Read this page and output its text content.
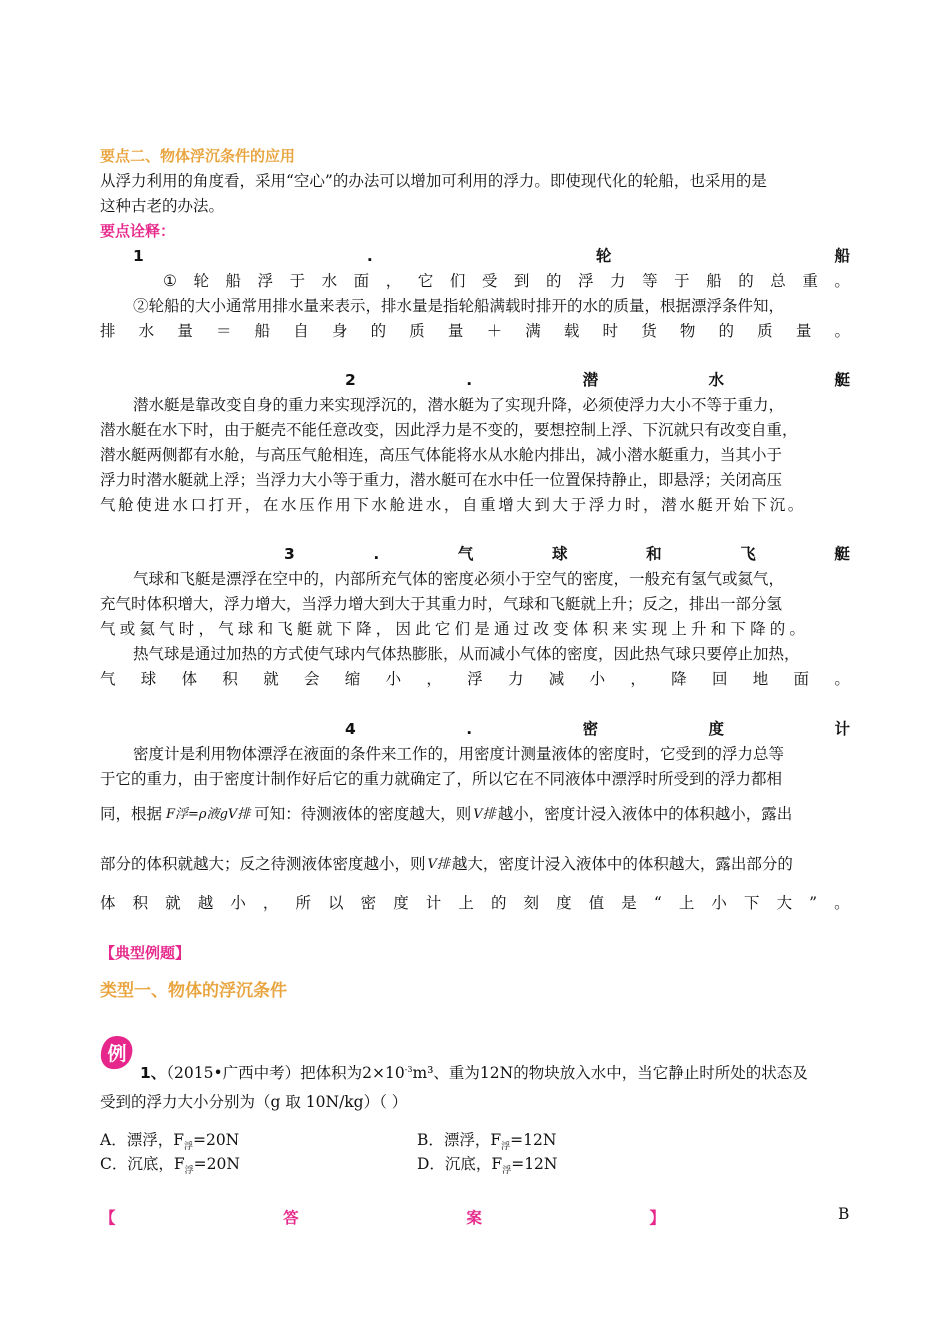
要点二、物体浮沉条件的应用
从浮力利用的角度看，采用“空心”的办法可以增加可利用的浮力。即使现代化的轮船，也采用的是
这种古老的办法。
要点诠释：
1	.	轮	船
① 轮 船 浮 于 水 面 ， 它 们 受 到 的 浮 力 等 于 船 的 总 重 。
②轮船的大小通常用排水量来表示，排水量是指轮船满载时排开的水的质量，根据漂浮条件知，
排 水 量 ＝ 船 自 身 的 质 量 ＋ 满 载 时 货 物 的 质 量 。
2	.	潜	水	艇
潜水艇是靠改变自身的重力来实现浮沉的，潜水艇为了实现升降，必须使浮力大小不等于重力，
潜水艇在水下时，由于艇壳不能任意改变，因此浮力是不变的，要想控制上浮、下沉就只有改变自重，
潜水艇两侧都有水舱，与高压气舱相连，高压气体能将水从水舱内排出，减小潜水艇重力，当其小于
浮力时潜水艇就上浮；当浮力大小等于重力，潜水艇可在水中任一位置保持静止，即悬浮；关闭高压
气舱使进水口打开，在水压作用下水舱进水，自重增大到大于浮力时，潜水艇开始下沉。
3	.	气	球	和	飞	艇
气球和飞艇是漂浮在空中的，内部所充气体的密度必须小于空气的密度，一般充有氢气或氦气，
充气时体积增大，浮力增大，当浮力增大到大于其重力时，气球和飞艇就上升；反之，排出一部分氢
气或氦气时，气球和飞艇就下降，因此它们是通过改变体积来实现上升和下降的。
热气球是通过加热的方式使气球内气体热膨胀，从而减小气体的密度，因此热气球只要停止加热，
气 球 体 积 就 会 缩 小 ， 浮 力 减 小 ， 降 回 地 面 。
4	.	密	度	计
密度计是利用物体漂浮在液面的条件来工作的，用密度计测量液体的密度时，它受到的浮力总等
于它的重力，由于密度计制作好后它的重力就确定了，所以它在不同液体中漂浮时所受到的浮力都相
同，根据 F浮=ρ液gV排 可知：待测液体的密度越大，则 V排 越小，密度计浸入液体中的体积越小，露出
部分的体积就越大；反之待测液体密度越小，则 V排 越大，密度计浸入液体中的体积越大，露出部分的
体 积 就 越 小 ， 所 以 密 度 计 上 的 刻 度 值 是 “ 上 小 下 大 ” 。
【典型例题】
类型一、物体的浮沉条件
例
1、（2015•广西中考）把体积为$2\times 10^{-3}m^3$、重为12N的物块放入水中，当它静止时所处的状态及
受到的浮力大小分别为（g 取 10N/kg）（ ）
A．漂浮，$F_浮=20N$	B．漂浮，$F_浮=12N$
C．沉底，$F_浮=20N$	D．沉底，$F_浮=12N$
【	答	案	】	B
